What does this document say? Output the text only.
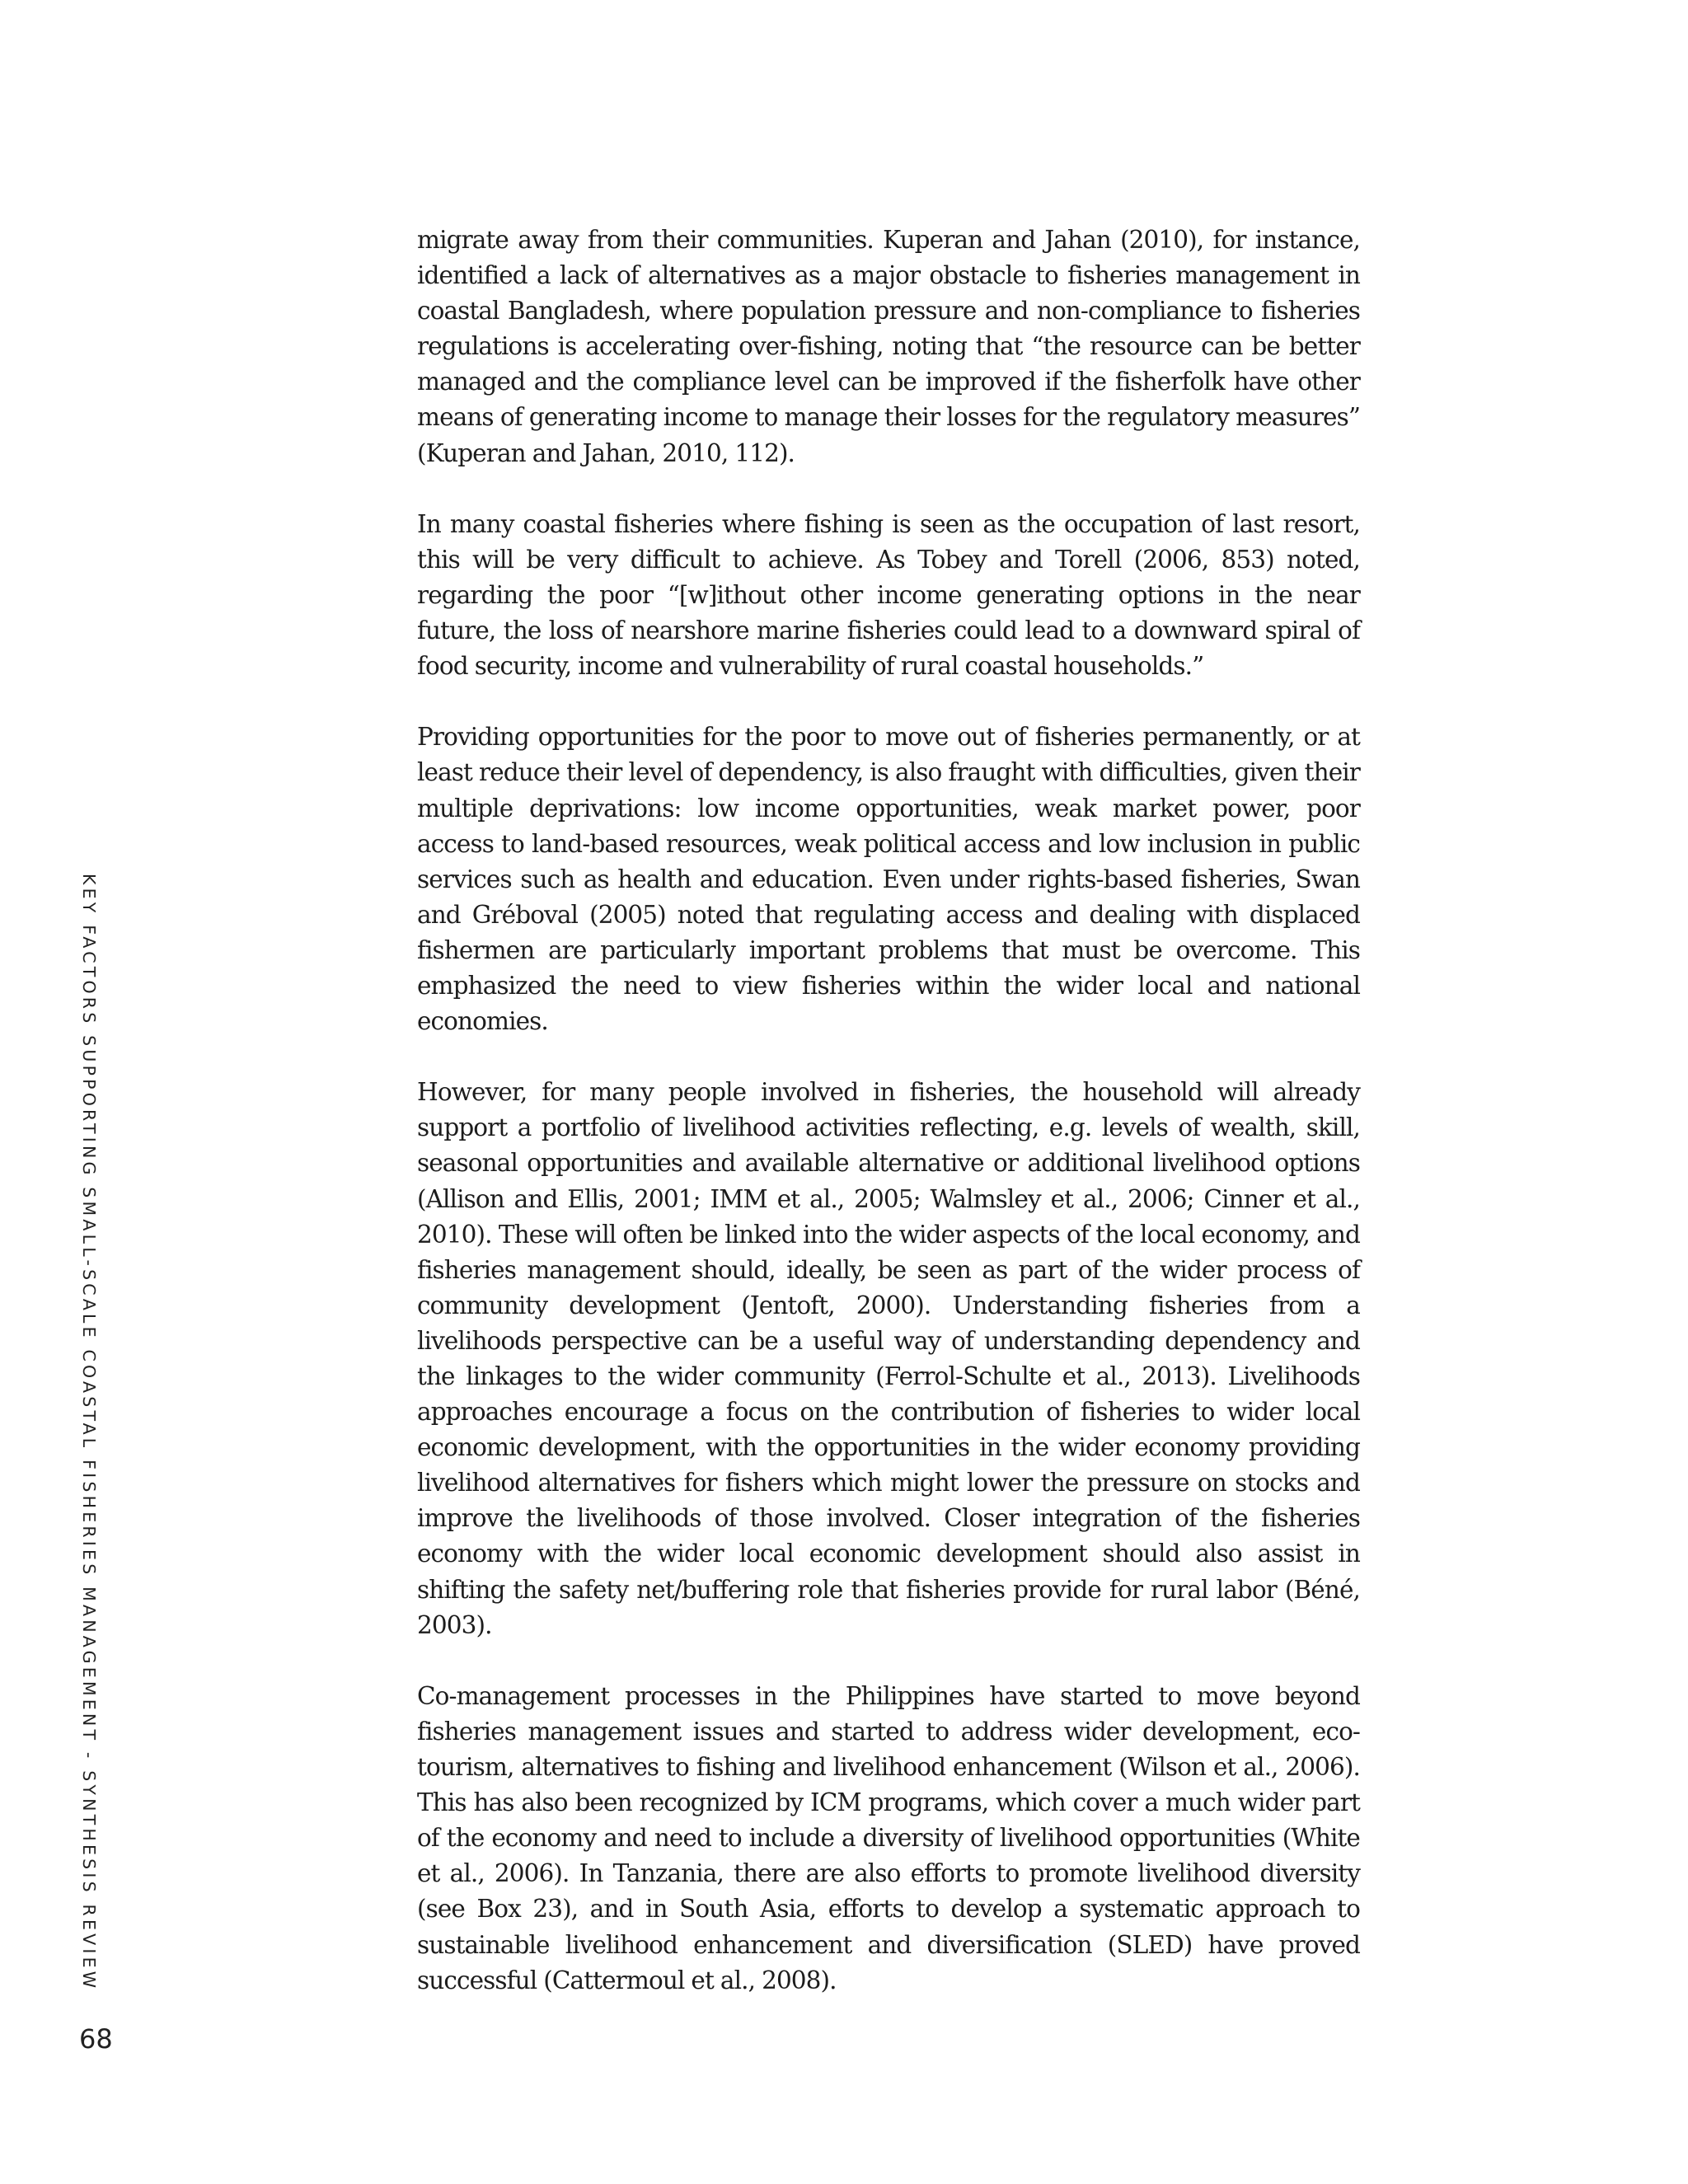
KEY FACTORS SUPPORTING SMALL-SCALE COASTAL FISHERIES MANAGEMENT - SYNTHESIS REVIEW

migrate away from their communities. Kuperan and Jahan (2010), for instance, identified a lack of alternatives as a major obstacle to fisheries management in coastal Bangladesh, where population pressure and non-compliance to fisheries regulations is accelerating over-fishing, noting that “the resource can be better managed and the compliance level can be improved if the fisherfolk have other means of generating income to manage their losses for the regulatory measures” (Kuperan and Jahan, 2010, 112).

In many coastal fisheries where fishing is seen as the occupation of last resort, this will be very difficult to achieve. As Tobey and Torell (2006, 853) noted, regarding the poor “[w]ithout other income generating options in the near future, the loss of nearshore marine fisheries could lead to a downward spiral of food security, income and vulnerability of rural coastal households.”

Providing opportunities for the poor to move out of fisheries permanently, or at least reduce their level of dependency, is also fraught with difficulties, given their multiple deprivations: low income opportunities, weak market power, poor access to land-based resources, weak political access and low inclusion in public services such as health and education. Even under rights-based fisheries, Swan and Gréboval (2005) noted that regulating access and dealing with displaced fishermen are particularly important problems that must be overcome. This emphasized the need to view fisheries within the wider local and national economies.

However, for many people involved in fisheries, the household will already support a portfolio of livelihood activities reflecting, e.g. levels of wealth, skill, seasonal opportunities and available alternative or additional livelihood options (Allison and Ellis, 2001; IMM et al., 2005; Walmsley et al., 2006; Cinner et al., 2010). These will often be linked into the wider aspects of the local economy, and fisheries management should, ideally, be seen as part of the wider process of community development (Jentoft, 2000). Understanding fisheries from a livelihoods perspective can be a useful way of understanding dependency and the linkages to the wider community (Ferrol-Schulte et al., 2013). Livelihoods approaches encourage a focus on the contribution of fisheries to wider local economic development, with the opportunities in the wider economy providing livelihood alternatives for fishers which might lower the pressure on stocks and improve the livelihoods of those involved. Closer integration of the fisheries economy with the wider local economic development should also assist in shifting the safety net/buffering role that fisheries provide for rural labor (Béné, 2003).

Co-management processes in the Philippines have started to move beyond fisheries management issues and started to address wider development, eco-tourism, alternatives to fishing and livelihood enhancement (Wilson et al., 2006). This has also been recognized by ICM programs, which cover a much wider part of the economy and need to include a diversity of livelihood opportunities (White et al., 2006). In Tanzania, there are also efforts to promote livelihood diversity (see Box 23), and in South Asia, efforts to develop a systematic approach to sustainable livelihood enhancement and diversification (SLED) have proved successful (Cattermoul et al., 2008).

68
